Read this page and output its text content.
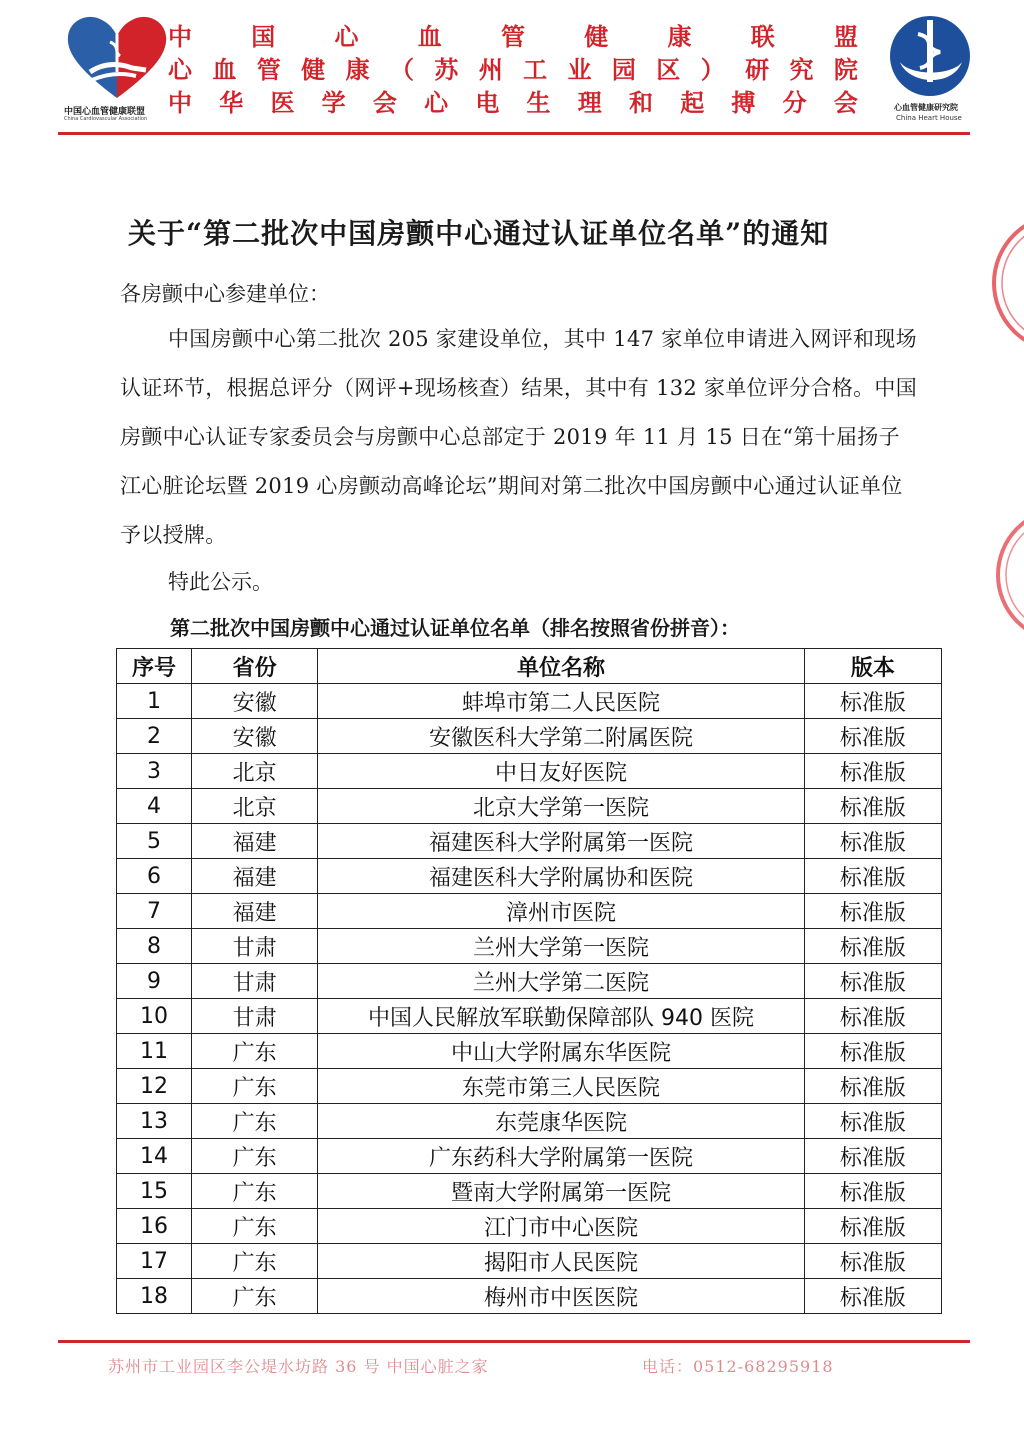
中国心血管健康联盟
China Cardiovascular Association
中 国 心 血 管 健 康 联 盟
心 血 管 健 康 （ 苏 州 工 业 园 区 ） 研 究 院
中 华 医 学 会 心 电 生 理 和 起 搏 分 会	心血管健康研究院
China Heart House
关于“第二批次中国房颤中心通过认证单位名单”的通知
各房颤中心参建单位：
中国房颤中心第二批次 205 家建设单位，其中 147 家单位申请进入网评和现场认证环节，根据总评分（网评+现场核查）结果，其中有 132 家单位评分合格。中国房颤中心认证专家委员会与房颤中心总部定于 2019 年 11 月 15 日在“第十届扬子江心脏论坛暨 2019 心房颤动高峰论坛”期间对第二批次中国房颤中心通过认证单位予以授牌。
特此公示。
第二批次中国房颤中心通过认证单位名单（排名按照省份拼音）：
序号	省份	单位名称	版本
1	安徽	蚌埠市第二人民医院	标准版
2	安徽	安徽医科大学第二附属医院	标准版
3	北京	中日友好医院	标准版
4	北京	北京大学第一医院	标准版
5	福建	福建医科大学附属第一医院	标准版
6	福建	福建医科大学附属协和医院	标准版
7	福建	漳州市医院	标准版
8	甘肃	兰州大学第一医院	标准版
9	甘肃	兰州大学第二医院	标准版
10	甘肃	中国人民解放军联勤保障部队 940 医院	标准版
11	广东	中山大学附属东华医院	标准版
12	广东	东莞市第三人民医院	标准版
13	广东	东莞康华医院	标准版
14	广东	广东药科大学附属第一医院	标准版
15	广东	暨南大学附属第一医院	标准版
16	广东	江门市中心医院	标准版
17	广东	揭阳市人民医院	标准版
18	广东	梅州市中医医院	标准版
苏州市工业园区李公堤水坊路 36 号 中国心脏之家	电话：0512-68295918
